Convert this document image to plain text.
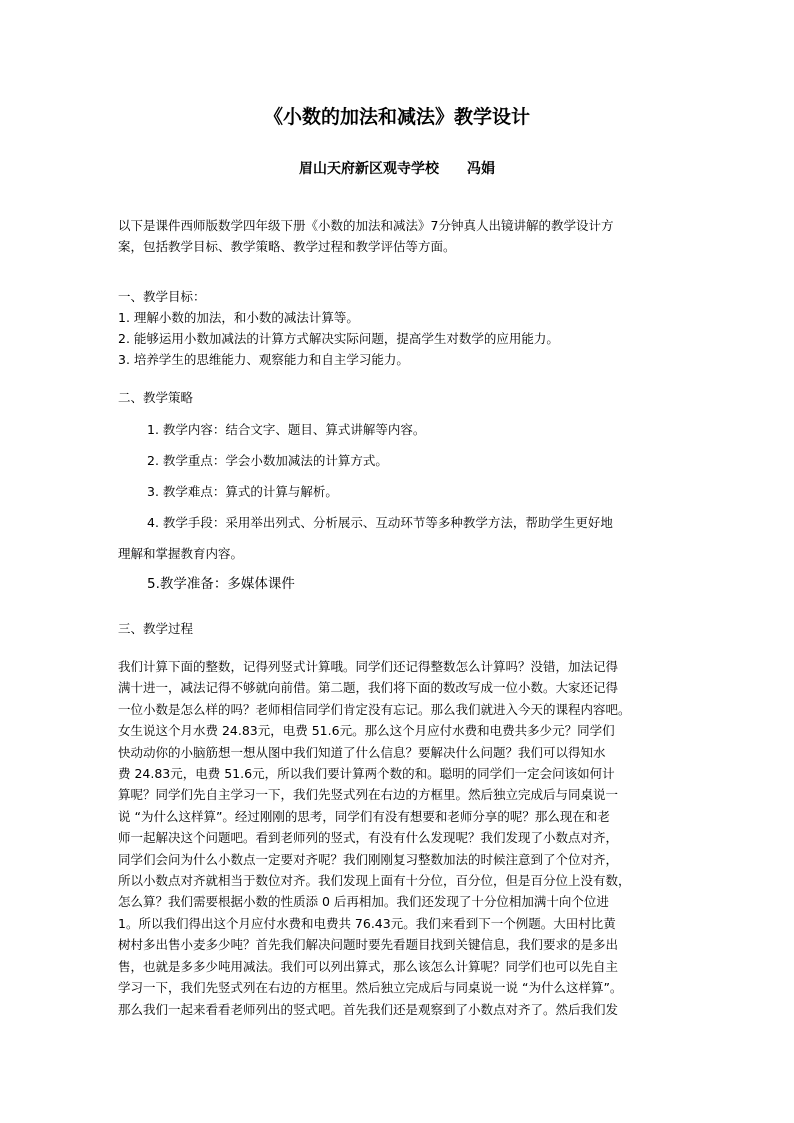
《小数的加法和减法》教学设计
眉山天府新区观寺学校　　冯娟
以下是课件西师版数学四年级下册《小数的加法和减法》7分钟真人出镜讲解的教学设计方
案，包括教学目标、教学策略、教学过程和教学评估等方面。
一、教学目标：
1. 理解小数的加法，和小数的减法计算等。
2. 能够运用小数加减法的计算方式解决实际问题，提高学生对数学的应用能力。
3. 培养学生的思维能力、观察能力和自主学习能力。
二、教学策略
1. 教学内容：结合文字、题目、算式讲解等内容。
2. 教学重点：学会小数加减法的计算方式。
3. 教学难点：算式的计算与解析。
4. 教学手段：采用举出列式、分析展示、互动环节等多种教学方法，帮助学生更好地
理解和掌握教育内容。
5.教学准备：多媒体课件
三、教学过程
我们计算下面的整数，记得列竖式计算哦。同学们还记得整数怎么计算吗？没错，加法记得
满十进一，减法记得不够就向前借。第二题，我们将下面的数改写成一位小数。大家还记得
一位小数是怎么样的吗？老师相信同学们肯定没有忘记。那么我们就进入今天的课程内容吧。
女生说这个月水费 24.83元，电费 51.6元。那么这个月应付水费和电费共多少元？同学们
快动动你的小脑筋想一想从图中我们知道了什么信息？要解决什么问题？我们可以得知水
费 24.83元，电费 51.6元，所以我们要计算两个数的和。聪明的同学们一定会问该如何计
算呢？同学们先自主学习一下，我们先竖式列在右边的方框里。然后独立完成后与同桌说一
说 “为什么这样算”。经过刚刚的思考，同学们有没有想要和老师分享的呢？那么现在和老
师一起解决这个问题吧。看到老师列的竖式，有没有什么发现呢？我们发现了小数点对齐，
同学们会问为什么小数点一定要对齐呢？我们刚刚复习整数加法的时候注意到了个位对齐，
所以小数点对齐就相当于数位对齐。我们发现上面有十分位，百分位，但是百分位上没有数，
怎么算？我们需要根据小数的性质添 0 后再相加。我们还发现了十分位相加满十向个位进
1。所以我们得出这个月应付水费和电费共 76.43元。我们来看到下一个例题。大田村比黄
树村多出售小麦多少吨？首先我们解决问题时要先看题目找到关键信息，我们要求的是多出
售，也就是多多少吨用减法。我们可以列出算式，那么该怎么计算呢？同学们也可以先自主
学习一下，我们先竖式列在右边的方框里。然后独立完成后与同桌说一说 “为什么这样算”。
那么我们一起来看看老师列出的竖式吧。首先我们还是观察到了小数点对齐了。然后我们发
